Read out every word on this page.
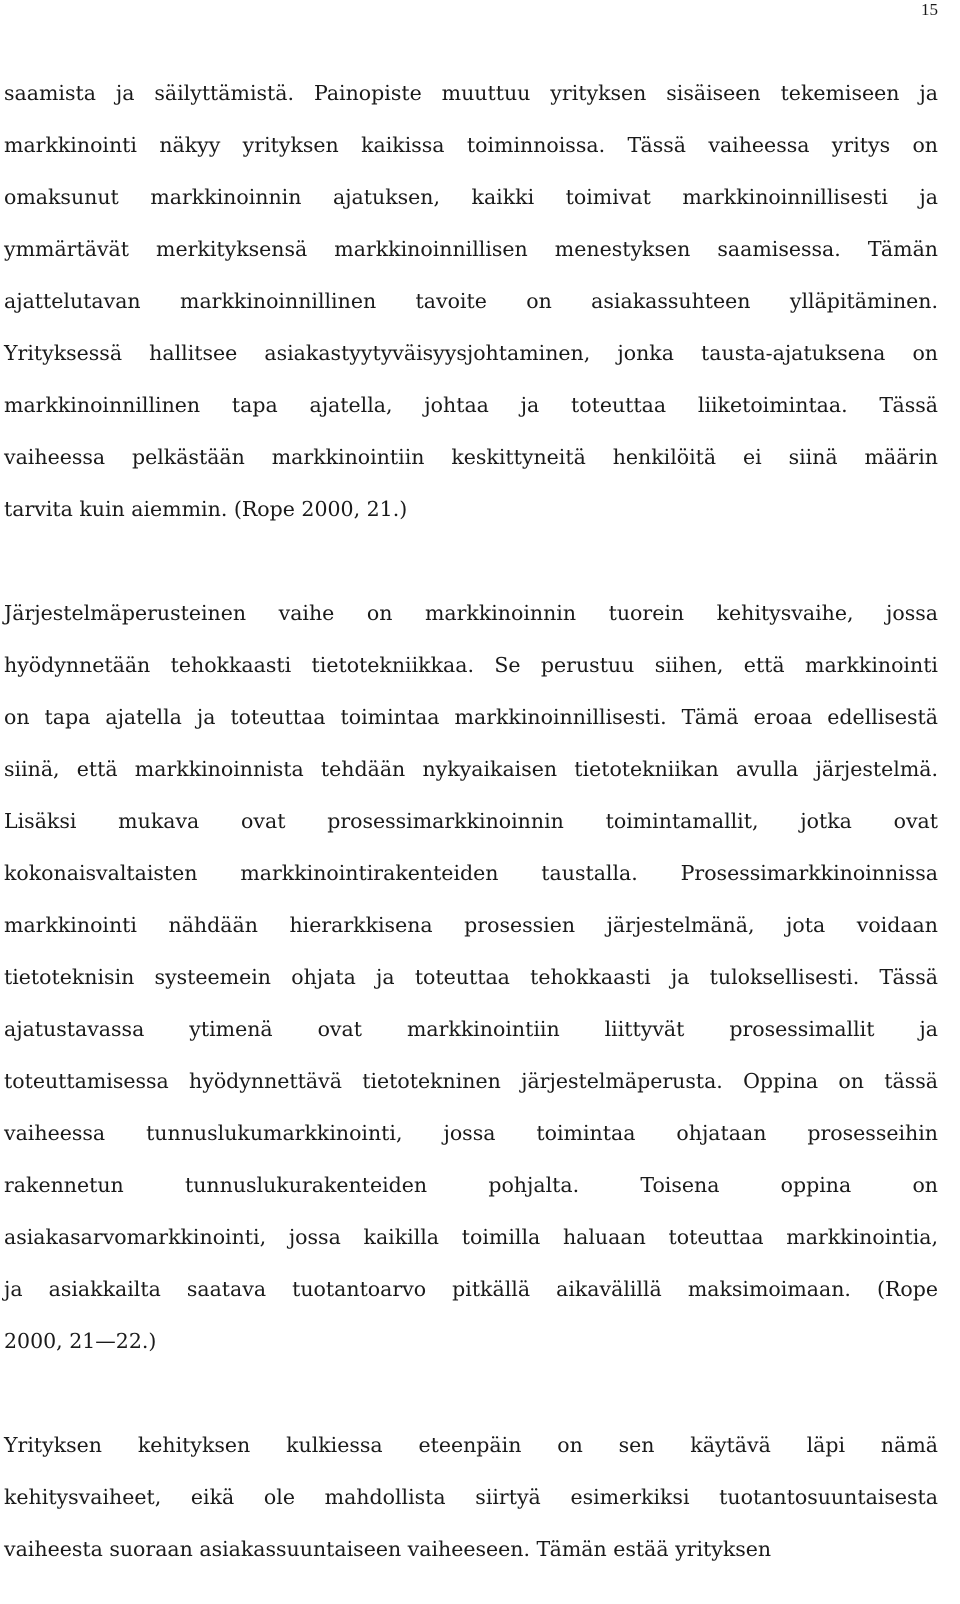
15
saamista ja säilyttämistä. Painopiste muuttuu yrityksen sisäiseen tekemiseen ja
markkinointi näkyy yrityksen kaikissa toiminnoissa. Tässä vaiheessa yritys on
omaksunut markkinoinnin ajatuksen, kaikki toimivat markkinoinnillisesti ja
ymmärtävät merkityksensä markkinoinnillisen menestyksen saamisessa. Tämän
ajattelutavan markkinoinnillinen tavoite on asiakassuhteen ylläpitäminen.
Yrityksessä hallitsee asiakastyytyväisyysjohtaminen, jonka tausta-ajatuksena on
markkinoinnillinen tapa ajatella, johtaa ja toteuttaa liiketoimintaa. Tässä
vaiheessa pelkästään markkinointiin keskittyneitä henkilöitä ei siinä määrin
tarvita kuin aiemmin. (Rope 2000, 21.)
Järjestelmäperusteinen vaihe on markkinoinnin tuorein kehitysvaihe, jossa
hyödynnetään tehokkaasti tietotekniikkaa. Se perustuu siihen, että markkinointi
on tapa ajatella ja toteuttaa toimintaa markkinoinnillisesti. Tämä eroaa edellisestä
siinä, että markkinoinnista tehdään nykyaikaisen tietotekniikan avulla järjestelmä.
Lisäksi mukava ovat prosessimarkkinoinnin toimintamallit, jotka ovat
kokonaisvaltaisten markkinointirakenteiden taustalla. Prosessimarkkinoinnissa
markkinointi nähdään hierarkkisena prosessien järjestelmänä, jota voidaan
tietoteknisin systeemein ohjata ja toteuttaa tehokkaasti ja tuloksellisesti. Tässä
ajatustavassa ytimenä ovat markkinointiin liittyvät prosessimallit ja
toteuttamisessa hyödynnettävä tietotekninen järjestelmäperusta. Oppina on tässä
vaiheessa tunnuslukumarkkinointi, jossa toimintaa ohjataan prosesseihin
rakennetun tunnuslukurakenteiden pohjalta. Toisena oppina on
asiakasarvomarkkinointi, jossa kaikilla toimilla haluaan toteuttaa markkinointia,
ja asiakkailta saatava tuotantoarvo pitkällä aikavälillä maksimoimaan. (Rope
2000, 21—22.)
Yrityksen kehityksen kulkiessa eteenpäin on sen käytävä läpi nämä
kehitysvaiheet, eikä ole mahdollista siirtyä esimerkiksi tuotantosuuntaisesta
vaiheesta suoraan asiakassuuntaiseen vaiheeseen. Tämän estää yrityksen
